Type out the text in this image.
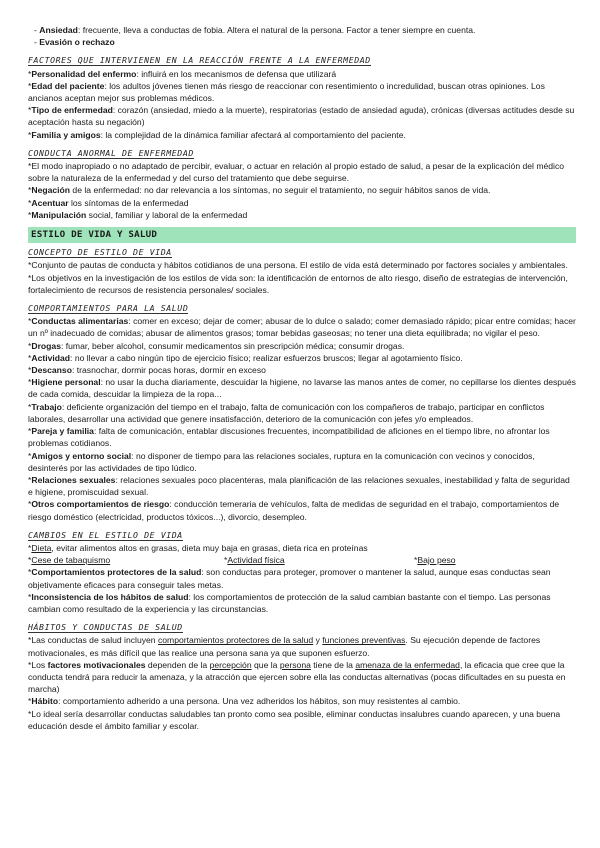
- Ansiedad: frecuente, lleva a conductas de fobia. Altera el natural de la persona. Factor a tener siempre en cuenta.
- Evasión o rechazo
FACTORES QUE INTERVIENEN EN LA REACCIÓN FRENTE A LA ENFERMEDAD
*Personalidad del enfermo: influirá en los mecanismos de defensa que utilizará
*Edad del paciente: los adultos jóvenes tienen más riesgo de reaccionar con resentimiento o incredulidad, buscan otras opiniones. Los ancianos aceptan mejor sus problemas médicos.
*Tipo de enfermedad: corazón (ansiedad, miedo a la muerte), respiratorias (estado de ansiedad aguda), crónicas (diversas actitudes desde su aceptación hasta su negación)
*Familia y amigos: la complejidad de la dinámica familiar afectará al comportamiento del paciente.
CONDUCTA ANORMAL DE ENFERMEDAD
*El modo inapropiado o no adaptado de percibir, evaluar, o actuar en relación al propio estado de salud, a pesar de la explicación del médico sobre la naturaleza de la enfermedad y del curso del tratamiento que debe seguirse.
*Negación de la enfermedad: no dar relevancia a los síntomas, no seguir el tratamiento, no seguir hábitos sanos de vida.
*Acentuar los síntomas de la enfermedad
*Manipulación social, familiar y laboral de la enfermedad
ESTILO DE VIDA Y SALUD
CONCEPTO DE ESTILO DE VIDA
*Conjunto de pautas de conducta y hábitos cotidianos de una persona. El estilo de vida está determinado por factores sociales y ambientales.
*Los objetivos en la investigación de los estilos de vida son: la identificación de entornos de alto riesgo, diseño de estrategias de intervención, fortalecimiento de recursos de resistencia personales/ sociales.
COMPORTAMIENTOS PARA LA SALUD
*Conductas alimentarias: comer en exceso; dejar de comer; abusar de lo dulce o salado; comer demasiado rápido; picar entre comidas; hacer un nº inadecuado de comidas; abusar de alimentos grasos; tomar bebidas gaseosas; no tener una dieta equilibrada; no vigilar el peso.
*Drogas: fumar, beber alcohol, consumir medicamentos sin prescripción médica; consumir drogas.
*Actividad: no llevar a cabo ningún tipo de ejercicio físico; realizar esfuerzos bruscos; llegar al agotamiento físico.
*Descanso: trasnochar, dormir pocas horas, dormir en exceso
*Higiene personal: no usar la ducha diariamente, descuidar la higiene, no lavarse las manos antes de comer, no cepillarse los dientes después de cada comida, descuidar la limpieza de la ropa...
*Trabajo: deficiente organización del tiempo en el trabajo, falta de comunicación con los compañeros de trabajo, participar en conflictos laborales, desarrollar una actividad que genere insatisfacción, deterioro de la comunicación con jefes y/o empleados.
*Pareja y familia: falta de comunicación, entablar discusiones frecuentes, incompatibilidad de aficiones en el tiempo libre, no afrontar los problemas cotidianos.
*Amigos y entorno social: no disponer de tiempo para las relaciones sociales, ruptura en la comunicación con vecinos y conocidos, desinterés por las actividades de tipo lúdico.
*Relaciones sexuales: relaciones sexuales poco placenteras, mala planificación de las relaciones sexuales, inestabilidad y falta de seguridad e higiene, promiscuidad sexual.
*Otros comportamientos de riesgo: conducción temeraria de vehículos, falta de medidas de seguridad en el trabajo, comportamientos de riesgo doméstico (electricidad, productos tóxicos...), divorcio, desempleo.
CAMBIOS EN EL ESTILO DE VIDA
*Dieta, evitar alimentos altos en grasas, dieta muy baja en grasas, dieta rica en proteínas
*Cese de tabaquismo	*Actividad física	*Bajo peso
*Comportamientos protectores de la salud: son conductas para proteger, promover o mantener la salud, aunque esas conductas sean objetivamente eficaces para conseguir tales metas.
*Inconsistencia de los hábitos de salud: los comportamientos de protección de la salud cambian bastante con el tiempo. Las personas cambian como resultado de la experiencia y las circunstancias.
HÁBITOS Y CONDUCTAS DE SALUD
*Las conductas de salud incluyen comportamientos protectores de la salud y funciones preventivas. Su ejecución depende de factores motivacionales, es más difícil que las realice una persona sana ya que suponen esfuerzo.
*Los factores motivacionales dependen de la percepción que la persona tiene de la amenaza de la enfermedad, la eficacia que cree que la conducta tendrá para reducir la amenaza, y la atracción que ejercen sobre ella las conductas alternativas (pocas dificultades en su puesta en marcha)
*Hábito: comportamiento adherido a una persona. Una vez adheridos los hábitos, son muy resistentes al cambio.
*Lo ideal sería desarrollar conductas saludables tan pronto como sea posible, eliminar conductas insalubres cuando aparecen, y una buena educación desde el ámbito familiar y escolar.
